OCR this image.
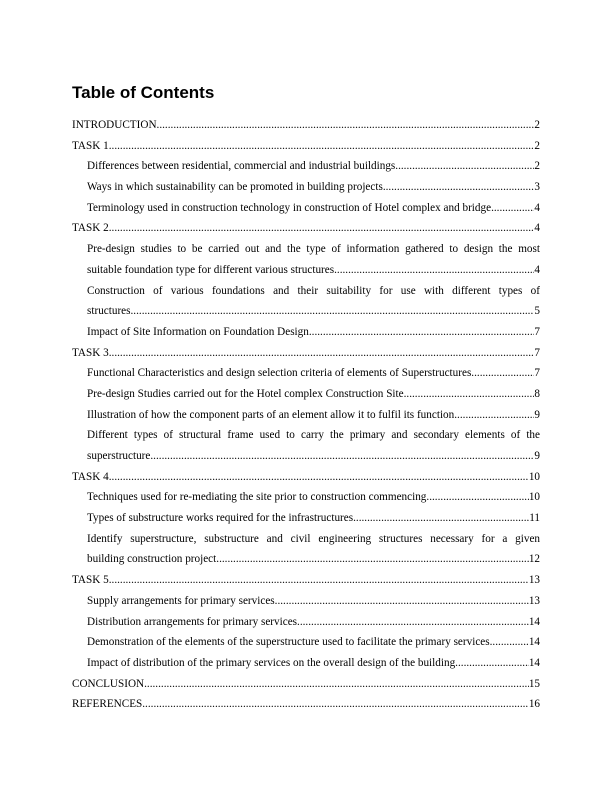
Table of Contents
INTRODUCTION .....	2
TASK 1 .....	2
Differences between residential, commercial and industrial buildings .....	2
Ways in which sustainability can be promoted in building projects .....	3
Terminology used in construction technology in construction of Hotel complex and bridge .....	4
TASK 2 .....	4
Pre-design studies to be carried out and the type of information gathered to design the most
suitable foundation type for different various structures .....	4
Construction of various foundations and their suitability for use with different types of
structures .....	5
Impact of Site Information on Foundation Design .....	7
TASK 3 .....	7
Functional Characteristics and design selection criteria of elements of Superstructures .....	7
Pre-design Studies carried out for the Hotel complex Construction Site .....	8
Illustration of how the component parts of an element allow it to fulfil its function .....	9
Different types of structural frame used to carry the primary and secondary elements of the
superstructure .....	9
TASK 4 .....	10
Techniques used for re-mediating the site prior to construction commencing .....	10
Types of substructure works required for the infrastructures .....	11
Identify superstructure, substructure and civil engineering structures necessary for a given
building construction project .....	12
TASK 5 .....	13
Supply arrangements for primary services .....	13
Distribution arrangements for primary services .....	14
Demonstration of the elements of the superstructure used to facilitate the primary services .....	14
Impact of distribution of the primary services on the overall design of the building .....	14
CONCLUSION .....	15
REFERENCES .....	16
